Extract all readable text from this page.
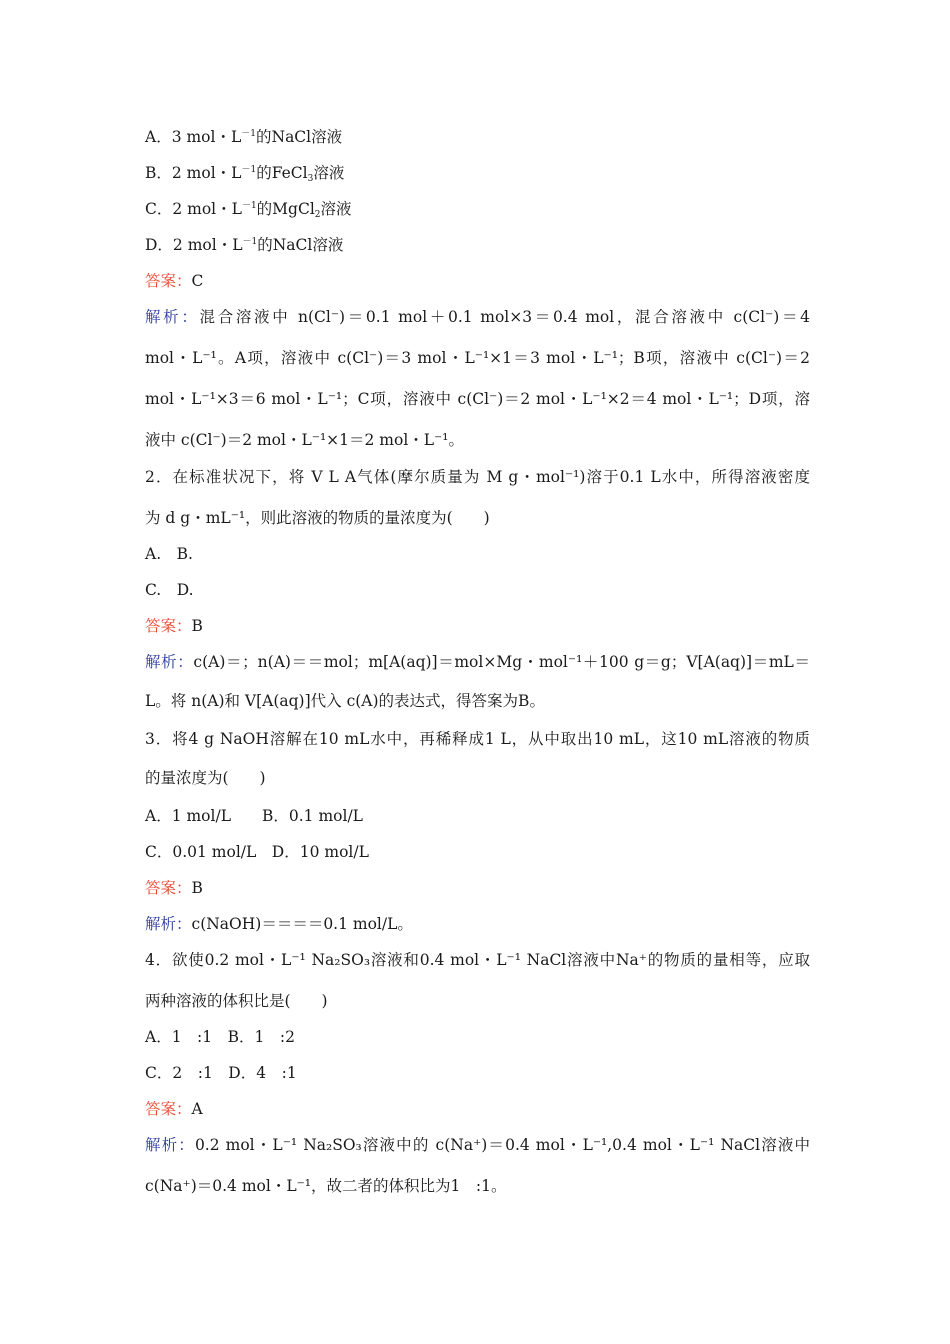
A．3 mol・$L^{-1}$的NaCl溶液
B．2 mol・$L^{-1}$的FeCl$_3$溶液
C．2 mol・$L^{-1}$的MgCl$_2$溶液
D．2 mol・$L^{-1}$的NaCl溶液
答案：C
解析：混合溶液中 n(Cl⁻)＝0.1 mol＋0.1 mol×3＝0.4 mol，混合溶液中 c(Cl⁻)＝4
mol・L⁻¹。A项，溶液中 c(Cl⁻)＝3 mol・L⁻¹×1＝3 mol・L⁻¹；B项，溶液中 c(Cl⁻)＝2
mol・L⁻¹×3＝6 mol・L⁻¹；C项，溶液中 c(Cl⁻)＝2 mol・L⁻¹×2＝4 mol・L⁻¹；D项，溶
液中 c(Cl⁻)＝2 mol・L⁻¹×1＝2 mol・L⁻¹。
2．在标准状况下，将 V L A气体(摩尔质量为 M g・mol⁻¹)溶于0.1 L水中，所得溶液密度
为 d g・mL⁻¹，则此溶液的物质的量浓度为(　　)
A.　B.
C.　D.
答案：B
解析：c(A)＝；n(A)＝＝mol；m[A(aq)]＝mol×Mg・mol⁻¹＋100 g＝g；V[A(aq)]＝mL＝
L。将 n(A)和 V[A(aq)]代入 c(A)的表达式，得答案为B。
3．将4 g NaOH溶解在10 mL水中，再稀释成1 L，从中取出10 mL，这10 mL溶液的物质
的量浓度为(　　)
A．1 mol/L　　B．0.1 mol/L
C．0.01 mol/L　D．10 mol/L
答案：B
解析：c(NaOH)＝＝＝＝0.1 mol/L。
4．欲使0.2 mol・L⁻¹ Na₂SO₃溶液和0.4 mol・L⁻¹ NaCl溶液中Na⁺的物质的量相等，应取
两种溶液的体积比是(　　)
A．1　:1　B．1　:2
C．2　:1　D．4　:1
答案：A
解析：0.2 mol・L⁻¹ Na₂SO₃溶液中的 c(Na⁺)＝0.4 mol・L⁻¹,0.4 mol・L⁻¹ NaCl溶液中
c(Na⁺)＝0.4 mol・L⁻¹，故二者的体积比为1　:1。
